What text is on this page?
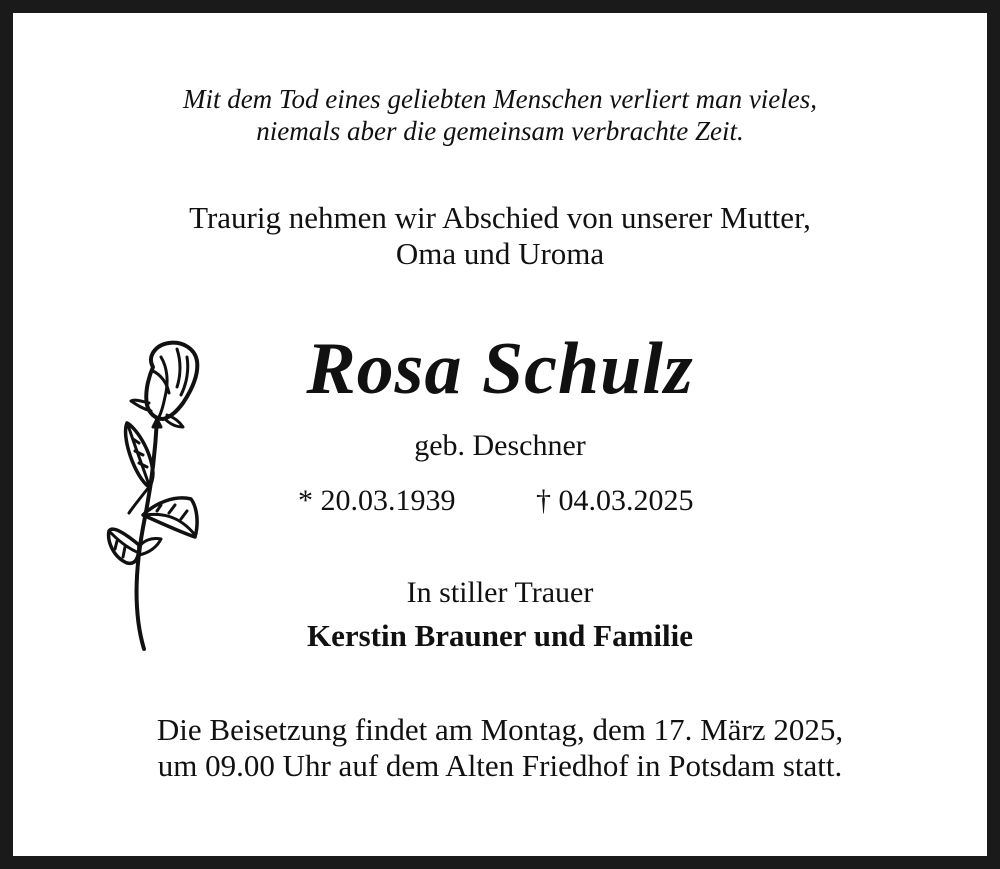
Mit dem Tod eines geliebten Menschen verliert man vieles,
niemals aber die gemeinsam verbrachte Zeit.
Traurig nehmen wir Abschied von unserer Mutter,
Oma und Uroma
Rosa Schulz
geb. Deschner
* 20.03.1939	† 04.03.2025
In stiller Trauer
Kerstin Brauner und Familie
Die Beisetzung findet am Montag, dem 17. März 2025,
um 09.00 Uhr auf dem Alten Friedhof in Potsdam statt.
